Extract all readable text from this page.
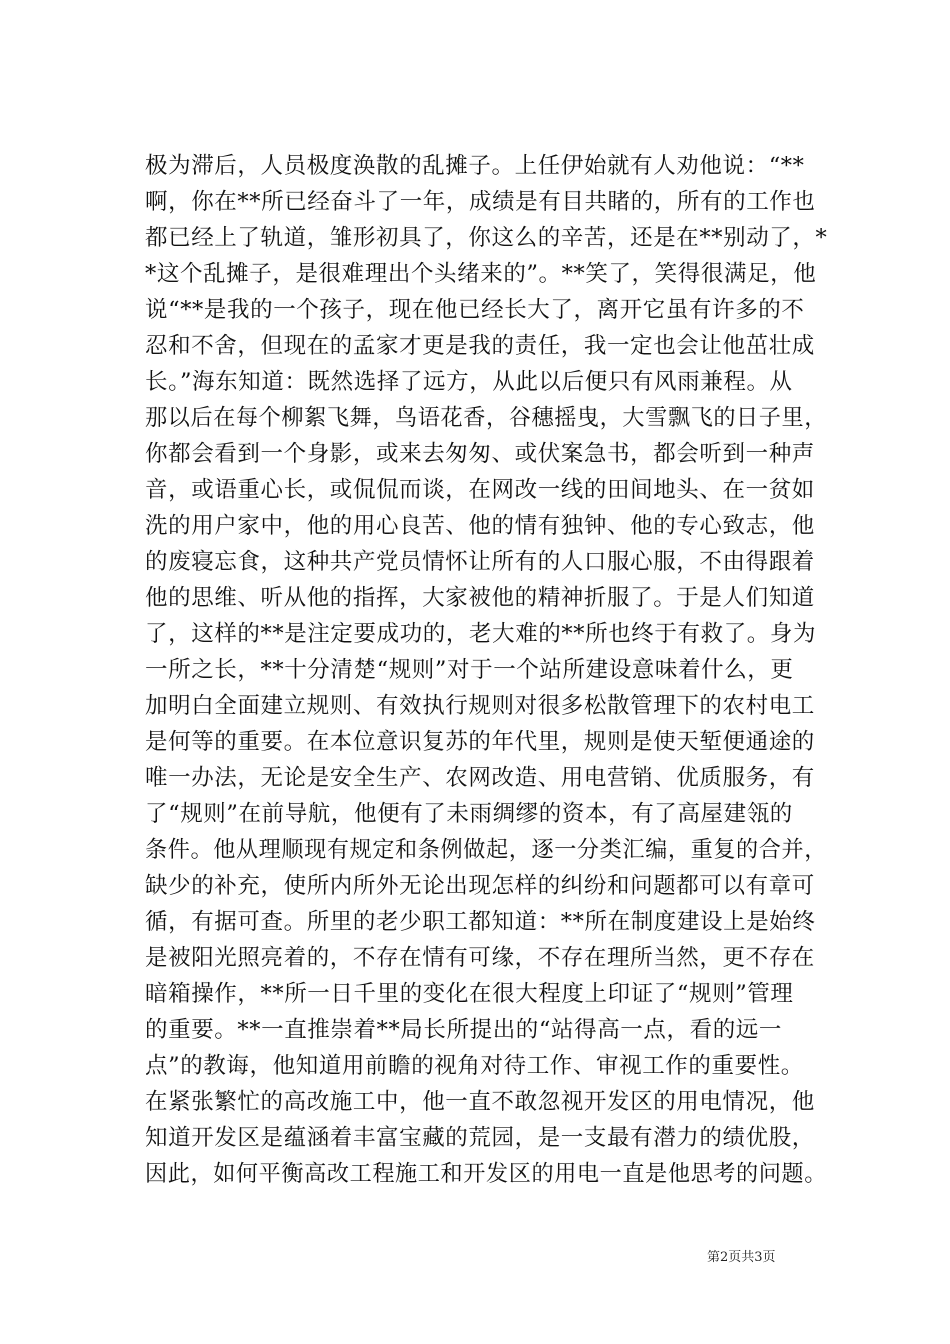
极为滞后，人员极度涣散的乱摊子。上任伊始就有人劝他说：“**
啊，你在**所已经奋斗了一年，成绩是有目共睹的，所有的工作也
都已经上了轨道，雏形初具了，你这么的辛苦，还是在**别动了，*
*这个乱摊子，是很难理出个头绪来的”。**笑了，笑得很满足，他
说“**是我的一个孩子，现在他已经长大了，离开它虽有许多的不
忍和不舍，但现在的孟家才更是我的责任，我一定也会让他茁壮成
长。”海东知道：既然选择了远方，从此以后便只有风雨兼程。从
那以后在每个柳絮飞舞，鸟语花香，谷穗摇曳，大雪飘飞的日子里，
你都会看到一个身影，或来去匆匆、或伏案急书，都会听到一种声
音，或语重心长，或侃侃而谈，在网改一线的田间地头、在一贫如
洗的用户家中，他的用心良苦、他的情有独钟、他的专心致志，他
的废寝忘食，这种共产党员情怀让所有的人口服心服，不由得跟着
他的思维、听从他的指挥，大家被他的精神折服了。于是人们知道
了，这样的**是注定要成功的，老大难的**所也终于有救了。身为
一所之长，**十分清楚“规则”对于一个站所建设意味着什么，更
加明白全面建立规则、有效执行规则对很多松散管理下的农村电工
是何等的重要。在本位意识复苏的年代里，规则是使天堑便通途的
唯一办法，无论是安全生产、农网改造、用电营销、优质服务，有
了“规则”在前导航，他便有了未雨绸缪的资本，有了高屋建瓴的
条件。他从理顺现有规定和条例做起，逐一分类汇编，重复的合并，
缺少的补充，使所内所外无论出现怎样的纠纷和问题都可以有章可
循，有据可查。所里的老少职工都知道：**所在制度建设上是始终
是被阳光照亮着的，不存在情有可缘，不存在理所当然，更不存在
暗箱操作，**所一日千里的变化在很大程度上印证了“规则”管理
的重要。**一直推崇着**局长所提出的“站得高一点，看的远一
点”的教诲，他知道用前瞻的视角对待工作、审视工作的重要性。
在紧张繁忙的高改施工中，他一直不敢忽视开发区的用电情况，他
知道开发区是蕴涵着丰富宝藏的荒园，是一支最有潜力的绩优股，
因此，如何平衡高改工程施工和开发区的用电一直是他思考的问题。
第2页共3页
